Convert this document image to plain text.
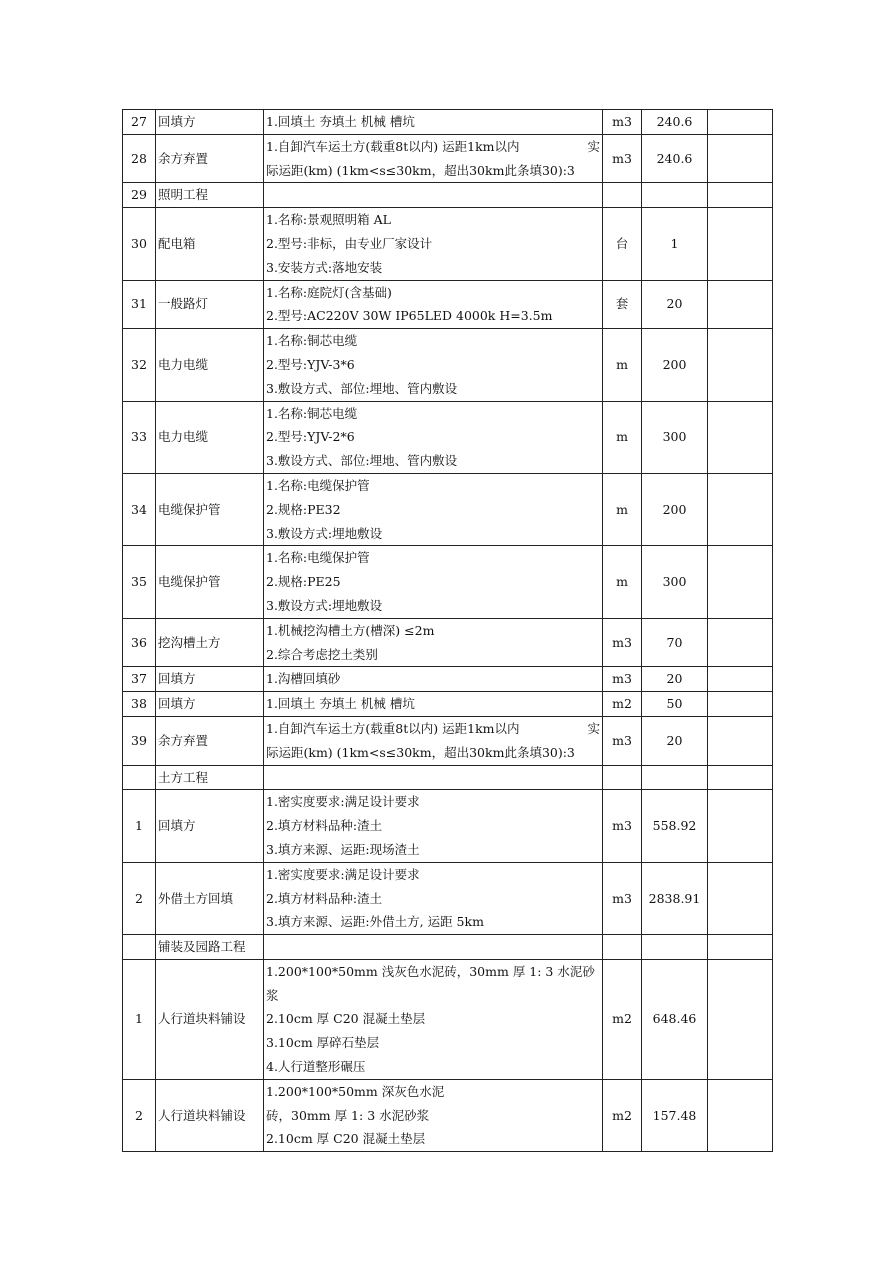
27	回填方	1.回填土 夯填土 机械 槽坑	m3	240.6	
28	余方弃置	1.自卸汽车运土方(载重8t以内) 运距1km以内 实
际运距(km) (1km<s≤30km，超出30km此条填30):3	m3	240.6	
29	照明工程				
30	配电箱	1.名称:景观照明箱 AL
2.型号:非标，由专业厂家设计
3.安装方式:落地安装	台	1	
31	一般路灯	1.名称:庭院灯(含基础)
2.型号:AC220V 30W IP65LED 4000k H=3.5m	套	20	
32	电力电缆	1.名称:铜芯电缆
2.型号:YJV-3*6
3.敷设方式、部位:埋地、管内敷设	m	200	
33	电力电缆	1.名称:铜芯电缆
2.型号:YJV-2*6
3.敷设方式、部位:埋地、管内敷设	m	300	
34	电缆保护管	1.名称:电缆保护管
2.规格:PE32
3.敷设方式:埋地敷设	m	200	
35	电缆保护管	1.名称:电缆保护管
2.规格:PE25
3.敷设方式:埋地敷设	m	300	
36	挖沟槽土方	1.机械挖沟槽土方(槽深) ≤2m
2.综合考虑挖土类别	m3	70	
37	回填方	1.沟槽回填砂	m3	20	
38	回填方	1.回填土 夯填土 机械 槽坑	m2	50	
39	余方弃置	1.自卸汽车运土方(载重8t以内) 运距1km以内 实
际运距(km) (1km<s≤30km，超出30km此条填30):3	m3	20	
	土方工程				
1	回填方	1.密实度要求:满足设计要求
2.填方材料品种:渣土
3.填方来源、运距:现场渣土	m3	558.92	
2	外借土方回填	1.密实度要求:满足设计要求
2.填方材料品种:渣土
3.填方来源、运距:外借土方, 运距 5km	m3	2838.91	
	铺装及园路工程				
1	人行道块料铺设	1.200*100*50mm 浅灰色水泥砖，30mm 厚 1: 3 水泥砂
浆
2.10cm 厚 C20 混凝土垫层
3.10cm 厚碎石垫层
4.人行道整形碾压	m2	648.46	
2	人行道块料铺设	1.200*100*50mm 深灰色水泥
砖，30mm 厚 1: 3 水泥砂浆
2.10cm 厚 C20 混凝土垫层	m2	157.48	
